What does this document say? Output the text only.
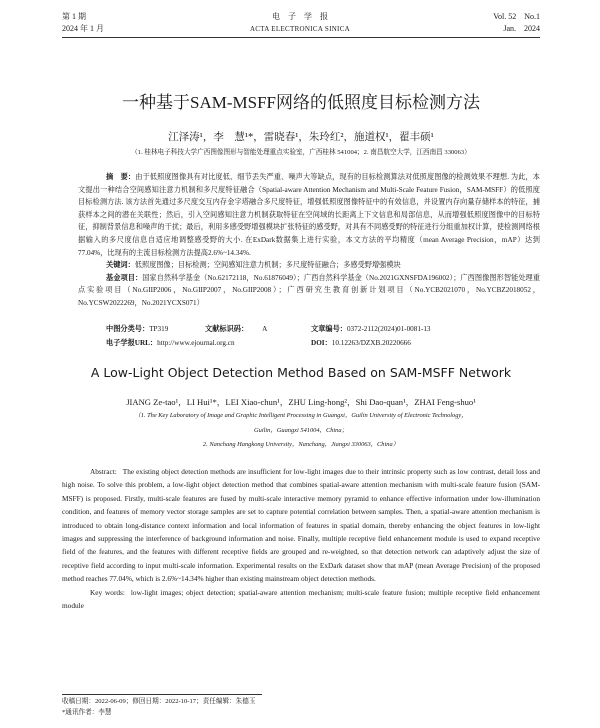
第 1 期
2024 年 1 月
电　子　学　报
ACTA ELECTRONICA SINICA
Vol. 52　No.1
Jan.　2024
一种基于SAM-MSFF网络的低照度目标检测方法
江泽涛¹，李　慧¹*，雷晓春¹，朱玲红²，施道权¹，翟丰硕¹
（1. 桂林电子科技大学广西图像图形与智能处理重点实验室，广西桂林 541004；2. 南昌航空大学，江西南昌 330063）

摘　要：由于低照度图像具有对比度低、细节丢失严重、噪声大等缺点，现有的目标检测算法对低照度图像的检测效果不理想. 为此，本文提出一种结合空间感知注意力机制和多尺度特征融合（Spatial-aware Attention Mechanism and Multi-Scale Feature Fusion，SAM-MSFF）的低照度目标检测方法. 该方法首先通过多尺度交互内存金字塔融合多尺度特征，增强低照度图像特征中的有效信息，并设置内存向量存储样本的特征，捕获样本之间的潜在关联性；然后，引入空间感知注意力机制获取特征在空间域的长距离上下文信息和局部信息，从而增强低照度图像中的目标特征，抑制背景信息和噪声的干扰；最后，利用多感受野增强模块扩张特征的感受野，对具有不同感受野的特征进行分组重加权计算，使检测网络根据输入的多尺度信息自适应地调整感受野的大小. 在ExDark数据集上进行实验，本文方法的平均精度（mean Average Precision，mAP）达到77.04%，比现有的主流目标检测方法提高2.6%~14.34%.

关键词：低照度图像；目标检测；空间感知注意力机制；多尺度特征融合；多感受野增强模块

基金项目：国家自然科学基金（No.62172118，No.61876049）；广西自然科学基金（No.2021GXNSFDA196002）；广西图像图形智能处理重点实验项目（No.GIIP2006，No.GIIP2007，No.GIIP2008）；广西研究生教育创新计划项目（No.YCB2021070，No.YCBZ2018052，No.YCSW2022269，No.2021YCXS071）

中图分类号：TP319	文献标识码： A	文章编号：0372-2112(2024)01-0081-13
电子学报URL：http://www.ejournal.org.cn	DOI：10.12263/DZXB.20220666
A Low-Light Object Detection Method Based on SAM-MSFF Network
JIANG Ze-tao¹，LI Hui¹*，LEI Xiao-chun¹，ZHU Ling-hong²，Shi Dao-quan¹，ZHAI Feng-shuo¹
（1. The Key Laboratory of Image and Graphic Intelligent Processing in Guangxi，Guilin University of Electronic Technology，
Guilin，Guangxi 541004，China；
2. Nanchang Hangkong University，Nanchang，Jiangxi 330063，China）

Abstract: The existing object detection methods are insufficient for low-light images due to their intrinsic property such as low contrast, detail loss and high noise. To solve this problem, a low-light object detection method that combines spatial-aware attention mechanism with multi-scale feature fusion (SAM-MSFF) is proposed. Firstly, multi-scale features are fused by multi-scale interactive memory pyramid to enhance effective information under low-illumination condition, and features of memory vector storage samples are set to capture potential correlation between samples. Then, a spatial-aware attention mechanism is introduced to obtain long-distance context information and local information of features in spatial domain, thereby enhancing the object features in low-light images and suppressing the interference of background information and noise. Finally, multiple receptive field enhancement module is used to expand receptive field of the features, and the features with different receptive fields are grouped and re-weighted, so that detection network can adaptively adjust the size of receptive field according to input multi-scale information. Experimental results on the ExDark dataset show that mAP (mean Average Precision) of the proposed method reaches 77.04%, which is 2.6%~14.34% higher than existing mainstream object detection methods.

Key words: low-light images; object detection; spatial-aware attention mechanism; multi-scale feature fusion; multiple receptive field enhancement module

收稿日期：2022-06-09；修回日期：2022-10-17；责任编辑：朱德玉
*通讯作者：李慧
